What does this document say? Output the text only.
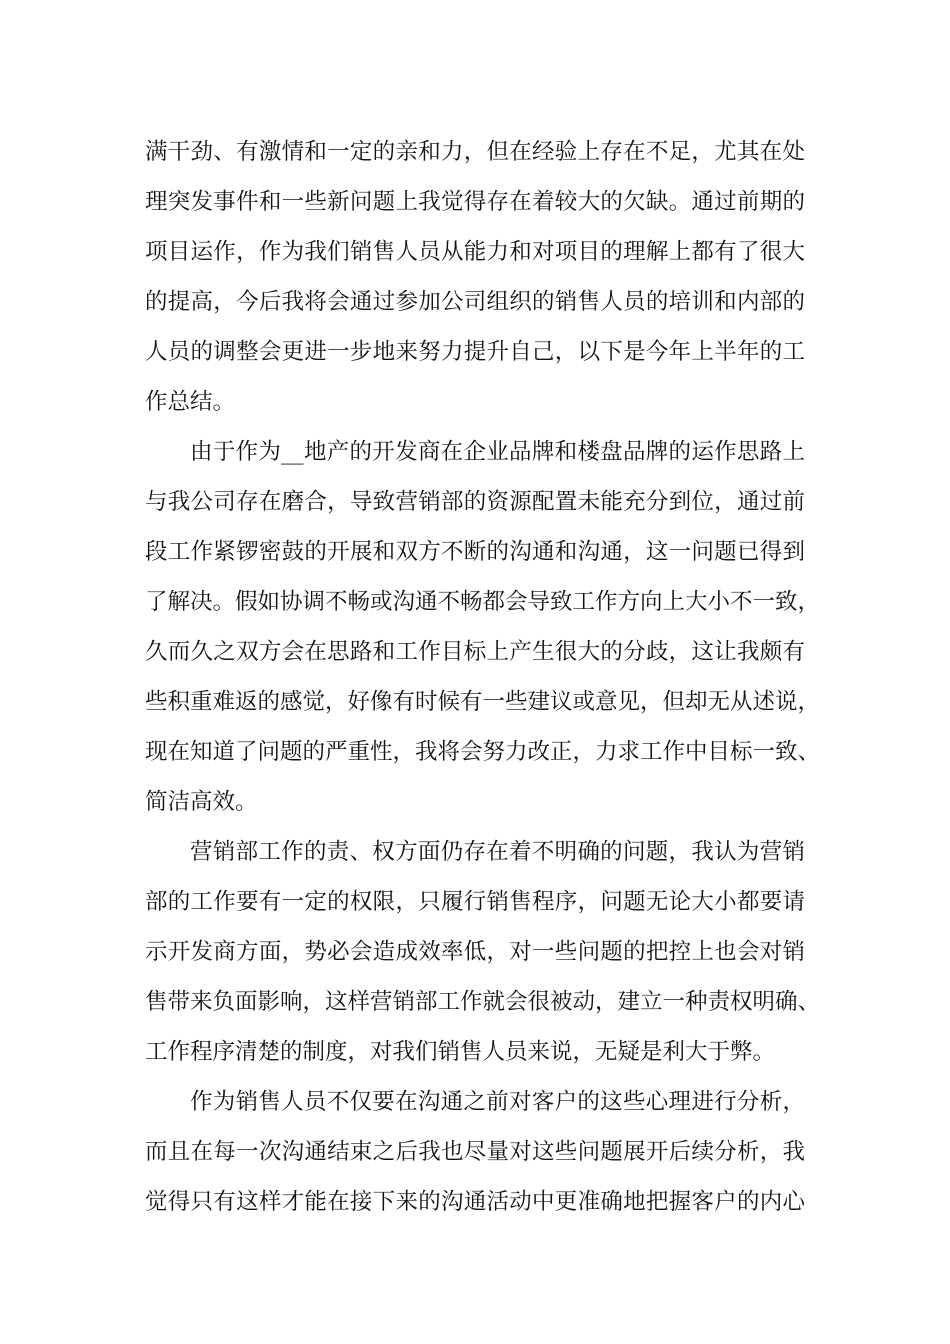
满干劲、有激情和一定的亲和力，但在经验上存在不足，尤其在处
理突发事件和一些新问题上我觉得存在着较大的欠缺。通过前期的
项目运作，作为我们销售人员从能力和对项目的理解上都有了很大
的提高，今后我将会通过参加公司组织的销售人员的培训和内部的
人员的调整会更进一步地来努力提升自己，以下是今年上半年的工
作总结。
由于作为__地产的开发商在企业品牌和楼盘品牌的运作思路上
与我公司存在磨合，导致营销部的资源配置未能充分到位，通过前
段工作紧锣密鼓的开展和双方不断的沟通和沟通，这一问题已得到
了解决。假如协调不畅或沟通不畅都会导致工作方向上大小不一致，
久而久之双方会在思路和工作目标上产生很大的分歧，这让我颇有
些积重难返的感觉，好像有时候有一些建议或意见，但却无从述说，
现在知道了问题的严重性，我将会努力改正，力求工作中目标一致、
简洁高效。
营销部工作的责、权方面仍存在着不明确的问题，我认为营销
部的工作要有一定的权限，只履行销售程序，问题无论大小都要请
示开发商方面，势必会造成效率低，对一些问题的把控上也会对销
售带来负面影响，这样营销部工作就会很被动，建立一种责权明确、
工作程序清楚的制度，对我们销售人员来说，无疑是利大于弊。
作为销售人员不仅要在沟通之前对客户的这些心理进行分析，
而且在每一次沟通结束之后我也尽量对这些问题展开后续分析，我
觉得只有这样才能在接下来的沟通活动中更准确地把握客户的内心
